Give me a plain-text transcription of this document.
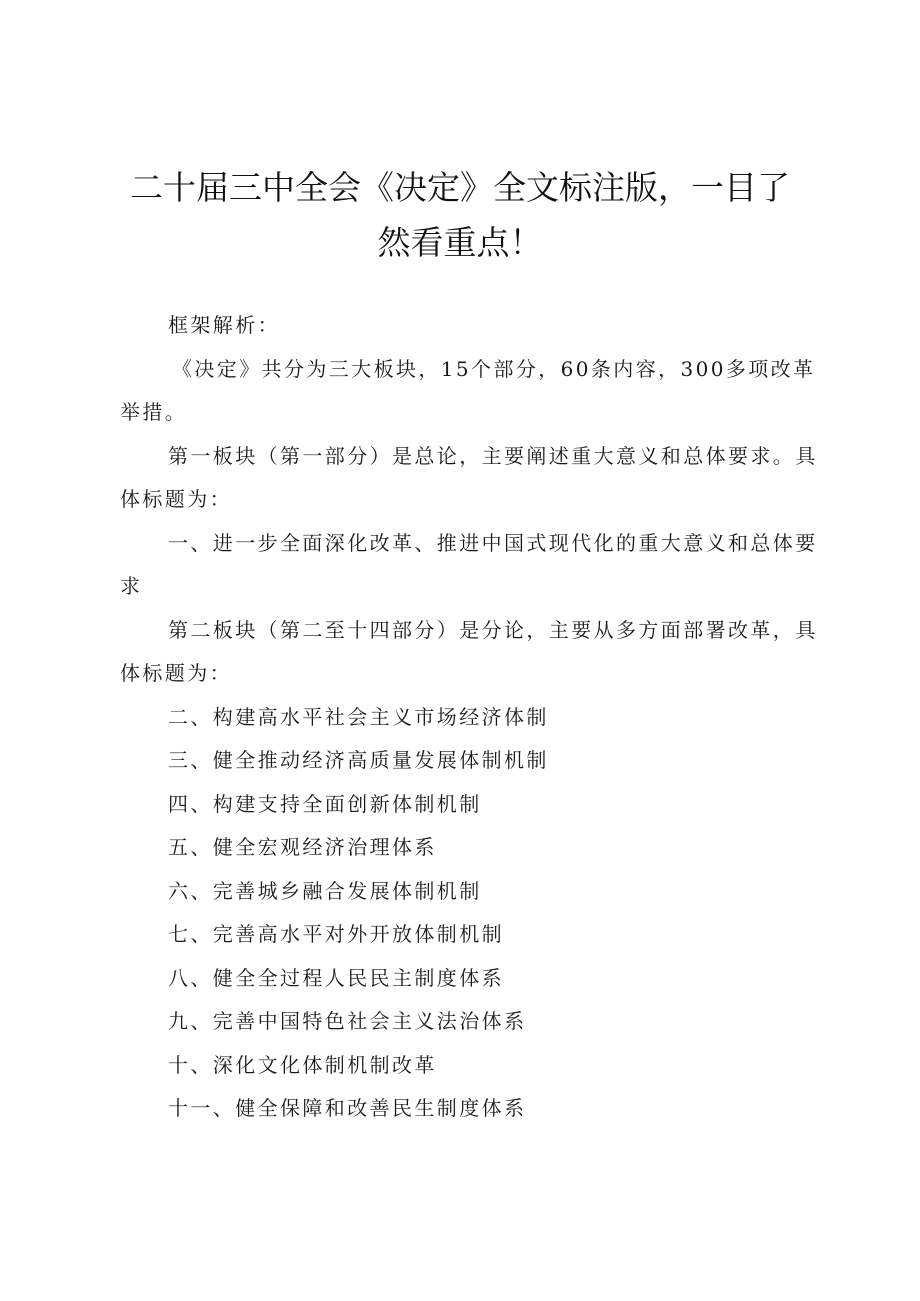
二十届三中全会《决定》全文标注版，一目了
然看重点！

框架解析：

《决定》共分为三大板块，15个部分，60条内容，300多项改革举措。

第一板块（第一部分）是总论，主要阐述重大意义和总体要求。具体标题为：

一、进一步全面深化改革、推进中国式现代化的重大意义和总体要求

第二板块（第二至十四部分）是分论，主要从多方面部署改革，具体标题为：

二、构建高水平社会主义市场经济体制

三、健全推动经济高质量发展体制机制

四、构建支持全面创新体制机制

五、健全宏观经济治理体系

六、完善城乡融合发展体制机制

七、完善高水平对外开放体制机制

八、健全全过程人民民主制度体系

九、完善中国特色社会主义法治体系

十、深化文化体制机制改革

十一、健全保障和改善民生制度体系
